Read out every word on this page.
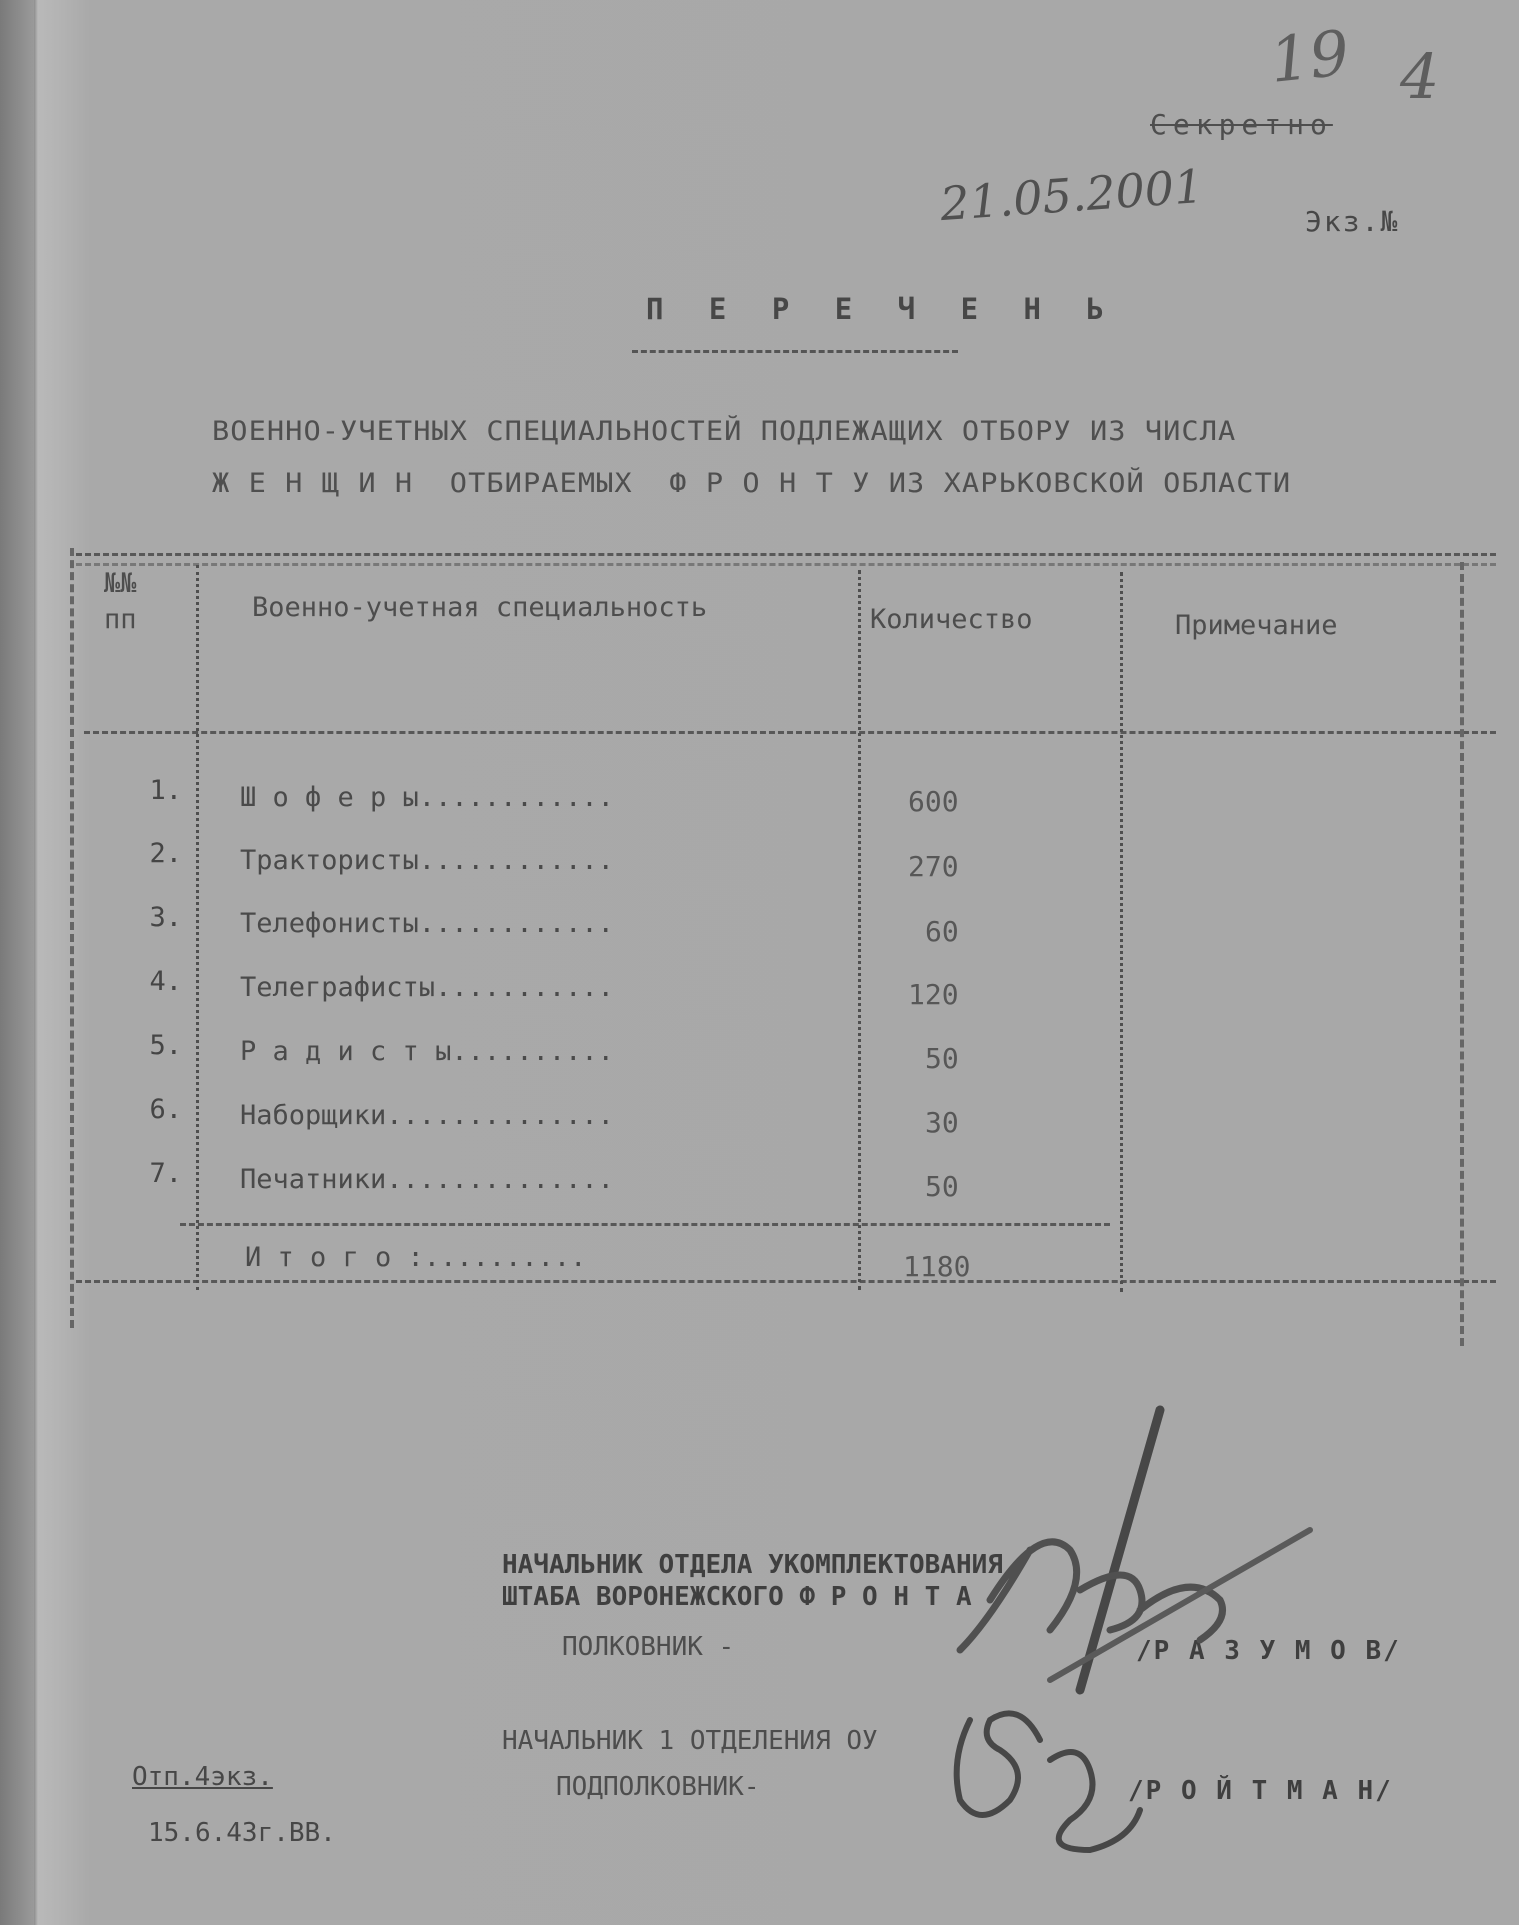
19 4
Секретно
21.05.2001	Экз.№
П Е Р Е Ч Е Н Ь
ВОЕННО-УЧЕТНЫХ СПЕЦИАЛЬНОСТЕЙ ПОДЛЕЖАЩИХ ОТБОРУ ИЗ ЧИСЛА
Ж Е Н Щ И Н  ОТБИРАЕМЫХ  Ф Р О Н Т У ИЗ ХАРЬКОВСКОЙ ОБЛАСТИ
№№
пп	Военно-учетная специальность	Количество	Примечание
1. Ш о ф е р ы............	600
2. Трактористы............	270
3. Телефонисты............	60
4. Телеграфисты...........	120
5. Р а д и с т ы..........	50
6. Наборщики..............	30
7. Печатники..............	50
И т о г о :..........	1180
НАЧАЛЬНИК ОТДЕЛА УКОМПЛЕКТОВАНИЯ
ШТАБА ВОРОНЕЖСКОГО Ф Р О Н Т А
ПОЛКОВНИК -	/Р А З У М О В/
НАЧАЛЬНИК 1 ОТДЕЛЕНИЯ ОУ
ПОДПОЛКОВНИК-	/Р О Й Т М А Н/
Отп.4экз.
15.6.43г.ВВ.
